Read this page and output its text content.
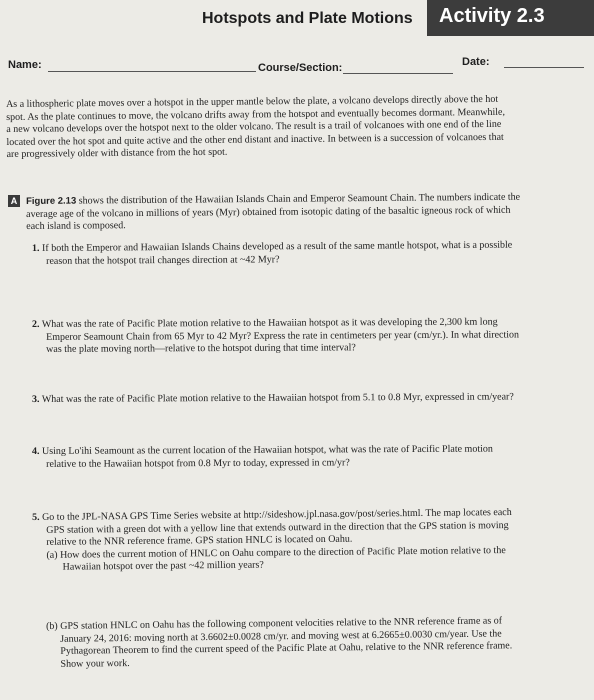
Hotspots and Plate Motions	Activity 2.3
Name:	Course/Section:	Date:
As a lithospheric plate moves over a hotspot in the upper mantle below the plate, a volcano develops directly above the hot
spot. As the plate continues to move, the volcano drifts away from the hotspot and eventually becomes dormant. Meanwhile,
a new volcano develops over the hotspot next to the older volcano. The result is a trail of volcanoes with one end of the line
located over the hot spot and quite active and the other end distant and inactive. In between is a succession of volcanoes that
are progressively older with distance from the hot spot.
A Figure 2.13 shows the distribution of the Hawaiian Islands Chain and Emperor Seamount Chain. The numbers indicate the
average age of the volcano in millions of years (Myr) obtained from isotopic dating of the basaltic igneous rock of which
each island is composed.
1. If both the Emperor and Hawaiian Islands Chains developed as a result of the same mantle hotspot, what is a possible
reason that the hotspot trail changes direction at ~42 Myr?
2. What was the rate of Pacific Plate motion relative to the Hawaiian hotspot as it was developing the 2,300 km long
Emperor Seamount Chain from 65 Myr to 42 Myr? Express the rate in centimeters per year (cm/yr.). In what direction
was the plate moving north—relative to the hotspot during that time interval?
3. What was the rate of Pacific Plate motion relative to the Hawaiian hotspot from 5.1 to 0.8 Myr, expressed in cm/year?
4. Using Lo'ihi Seamount as the current location of the Hawaiian hotspot, what was the rate of Pacific Plate motion
relative to the Hawaiian hotspot from 0.8 Myr to today, expressed in cm/yr?
5. Go to the JPL-NASA GPS Time Series website at http://sideshow.jpl.nasa.gov/post/series.html. The map locates each
GPS station with a green dot with a yellow line that extends outward in the direction that the GPS station is moving
relative to the NNR reference frame. GPS station HNLC is located on Oahu.
(a) How does the current motion of HNLC on Oahu compare to the direction of Pacific Plate motion relative to the
Hawaiian hotspot over the past ~42 million years?
(b) GPS station HNLC on Oahu has the following component velocities relative to the NNR reference frame as of
January 24, 2016: moving north at 3.6602±0.0028 cm/yr. and moving west at 6.2665±0.0030 cm/year. Use the
Pythagorean Theorem to find the current speed of the Pacific Plate at Oahu, relative to the NNR reference frame.
Show your work.
